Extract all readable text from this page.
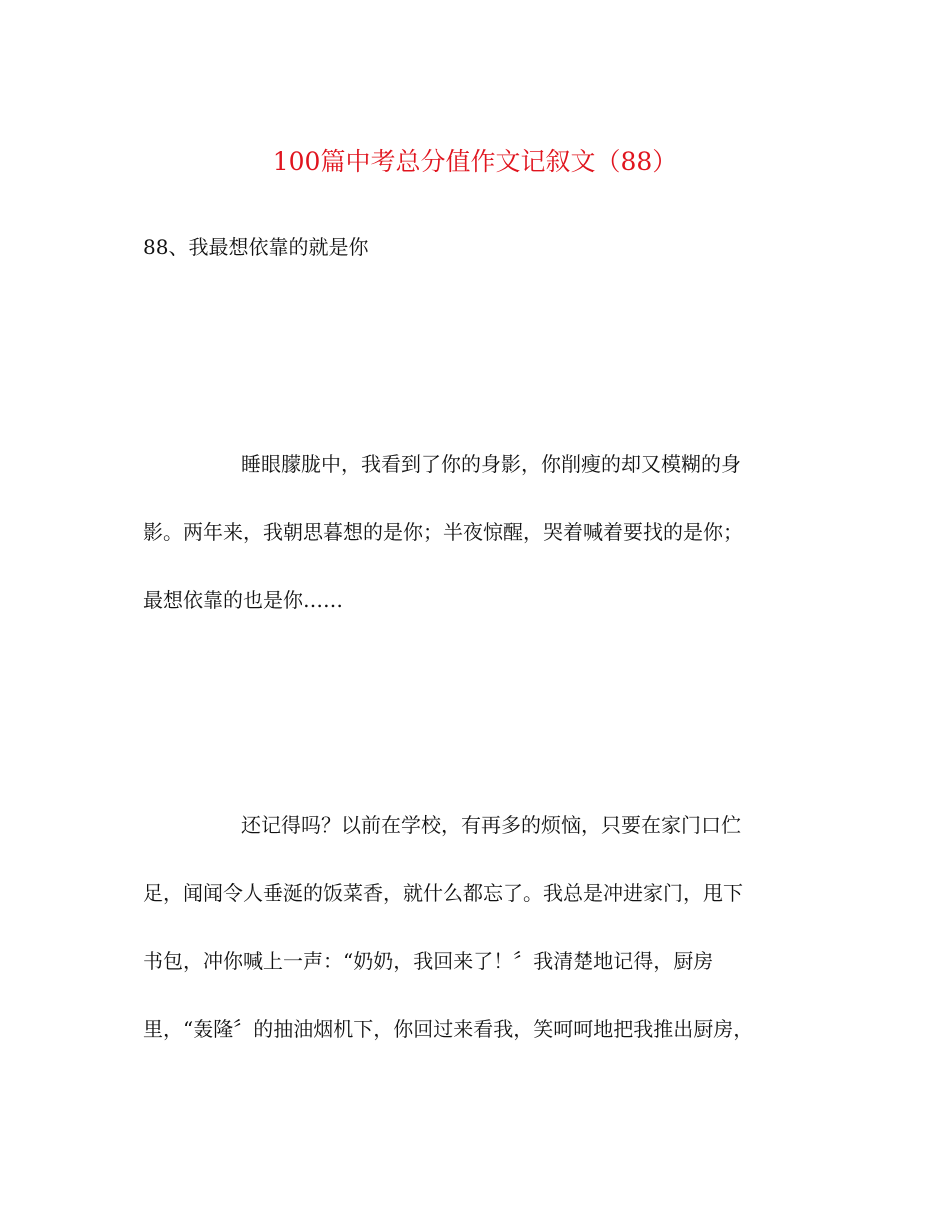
100篇中考总分值作文记叙文（88）

88、我最想依靠的就是你

睡眼朦胧中，我看到了你的身影，你削瘦的却又模糊的身
影。两年来，我朝思暮想的是你；半夜惊醒，哭着喊着要找的是你；
最想依靠的也是你……
还记得吗？以前在学校，有再多的烦恼，只要在家门口伫
足，闻闻令人垂涎的饭菜香，就什么都忘了。我总是冲进家门，甩下
书包，冲你喊上一声：“奶奶，我回来了！〞我清楚地记得，厨房
里，“轰隆〞的抽油烟机下，你回过来看我，笑呵呵地把我推出厨房，
